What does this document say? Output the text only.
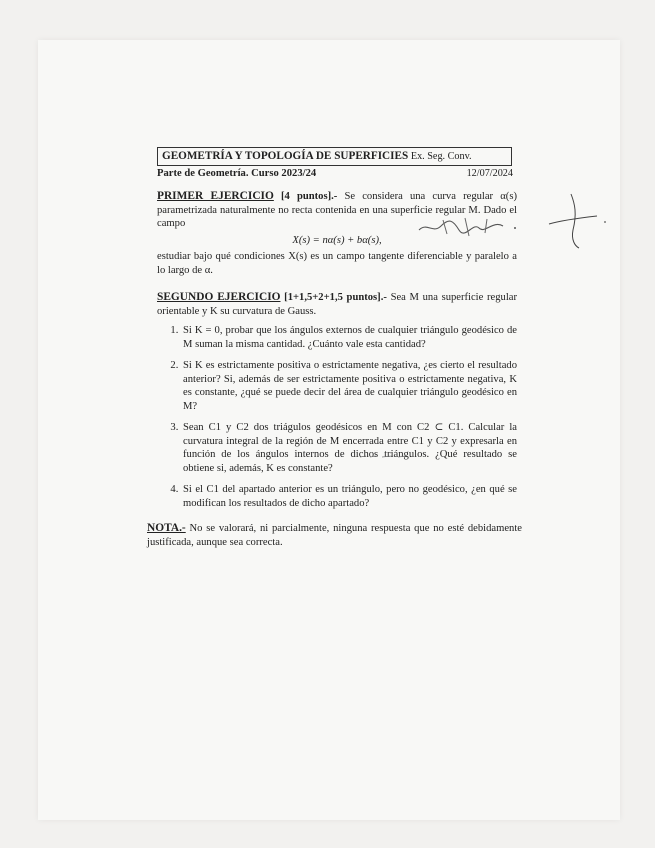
GEOMETRÍA Y TOPOLOGÍA DE SUPERFICIES Ex. Seg. Conv.
Parte de Geometría. Curso 2023/24	12/07/2024

PRIMER EJERCICIO [4 puntos].- Se considera una curva regular α(s) parametrizada naturalmente no recta contenida en una superficie regular M. Dado el campo

X(s) = nα(s) + bα(s),

estudiar bajo qué condiciones X(s) es un campo tangente diferenciable y paralelo a lo largo de α.

SEGUNDO EJERCICIO [1+1,5+2+1,5 puntos].- Sea M una superficie regular orientable y K su curvatura de Gauss.

1. Si K = 0, probar que los ángulos externos de cualquier triángulo geodésico de M suman la misma cantidad. ¿Cuánto vale esta cantidad?
2. Si K es estrictamente positiva o estrictamente negativa, ¿es cierto el resultado anterior? Si, además de ser estrictamente positiva o estrictamente negativa, K es constante, ¿qué se puede decir del área de cualquier triángulo geodésico en M?
3. Sean C1 y C2 dos triágulos geodésicos en M con C2 ⊂ C1. Calcular la curvatura integral de la región de M encerrada entre C1 y C2 y expresarla en función de los ángulos internos de dichos triángulos. ¿Qué resultado se obtiene si, además, K es constante?
4. Si el C1 del apartado anterior es un triángulo, pero no geodésico, ¿en qué se modifican los resultados de dicho apartado?

NOTA.- No se valorará, ni parcialmente, ninguna respuesta que no esté debidamente justificada, aunque sea correcta.
